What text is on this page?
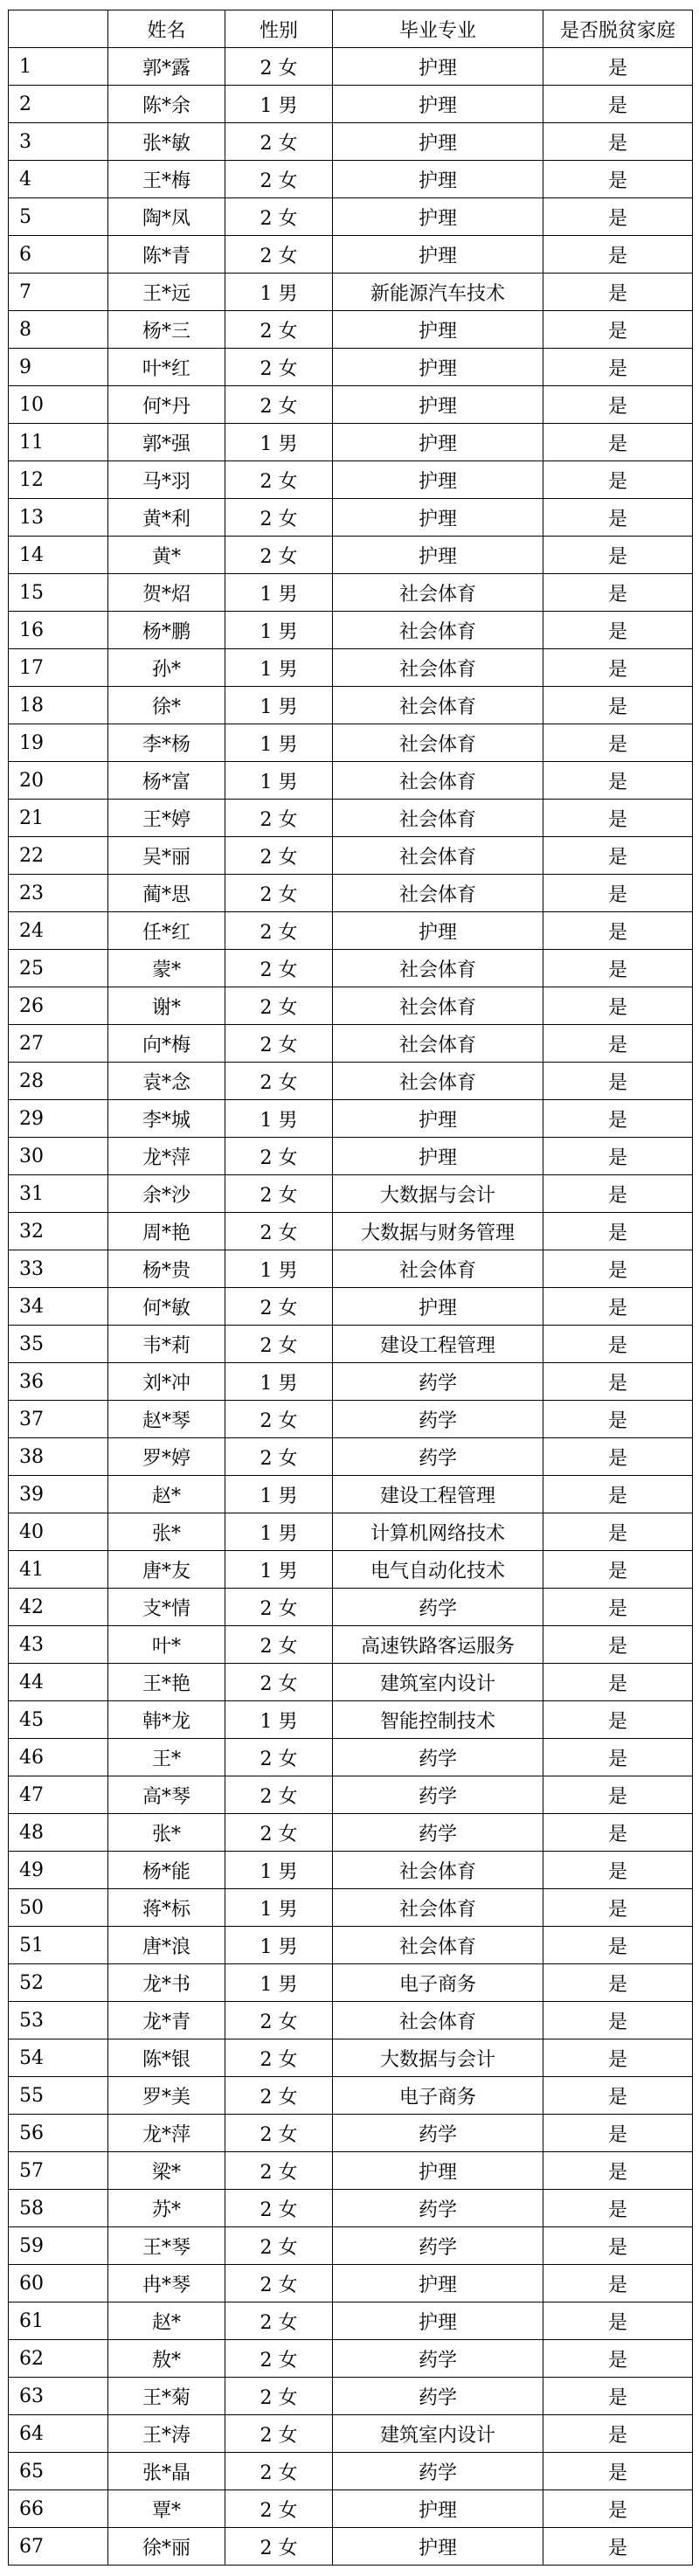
	姓名	性别	毕业专业	是否脱贫家庭
1	郭*露	2 女	护理	是
2	陈*余	1 男	护理	是
3	张*敏	2 女	护理	是
4	王*梅	2 女	护理	是
5	陶*凤	2 女	护理	是
6	陈*青	2 女	护理	是
7	王*远	1 男	新能源汽车技术	是
8	杨*三	2 女	护理	是
9	叶*红	2 女	护理	是
10	何*丹	2 女	护理	是
11	郭*强	1 男	护理	是
12	马*羽	2 女	护理	是
13	黄*利	2 女	护理	是
14	黄*	2 女	护理	是
15	贺*炤	1 男	社会体育	是
16	杨*鹏	1 男	社会体育	是
17	孙*	1 男	社会体育	是
18	徐*	1 男	社会体育	是
19	李*杨	1 男	社会体育	是
20	杨*富	1 男	社会体育	是
21	王*婷	2 女	社会体育	是
22	吴*丽	2 女	社会体育	是
23	蔺*思	2 女	社会体育	是
24	任*红	2 女	护理	是
25	蒙*	2 女	社会体育	是
26	谢*	2 女	社会体育	是
27	向*梅	2 女	社会体育	是
28	袁*念	2 女	社会体育	是
29	李*城	1 男	护理	是
30	龙*萍	2 女	护理	是
31	余*沙	2 女	大数据与会计	是
32	周*艳	2 女	大数据与财务管理	是
33	杨*贵	1 男	社会体育	是
34	何*敏	2 女	护理	是
35	韦*莉	2 女	建设工程管理	是
36	刘*冲	1 男	药学	是
37	赵*琴	2 女	药学	是
38	罗*婷	2 女	药学	是
39	赵*	1 男	建设工程管理	是
40	张*	1 男	计算机网络技术	是
41	唐*友	1 男	电气自动化技术	是
42	支*情	2 女	药学	是
43	叶*	2 女	高速铁路客运服务	是
44	王*艳	2 女	建筑室内设计	是
45	韩*龙	1 男	智能控制技术	是
46	王*	2 女	药学	是
47	高*琴	2 女	药学	是
48	张*	2 女	药学	是
49	杨*能	1 男	社会体育	是
50	蒋*标	1 男	社会体育	是
51	唐*浪	1 男	社会体育	是
52	龙*书	1 男	电子商务	是
53	龙*青	2 女	社会体育	是
54	陈*银	2 女	大数据与会计	是
55	罗*美	2 女	电子商务	是
56	龙*萍	2 女	药学	是
57	梁*	2 女	护理	是
58	苏*	2 女	药学	是
59	王*琴	2 女	药学	是
60	冉*琴	2 女	护理	是
61	赵*	2 女	护理	是
62	敖*	2 女	药学	是
63	王*菊	2 女	药学	是
64	王*涛	2 女	建筑室内设计	是
65	张*晶	2 女	药学	是
66	覃*	2 女	护理	是
67	徐*丽	2 女	护理	是
